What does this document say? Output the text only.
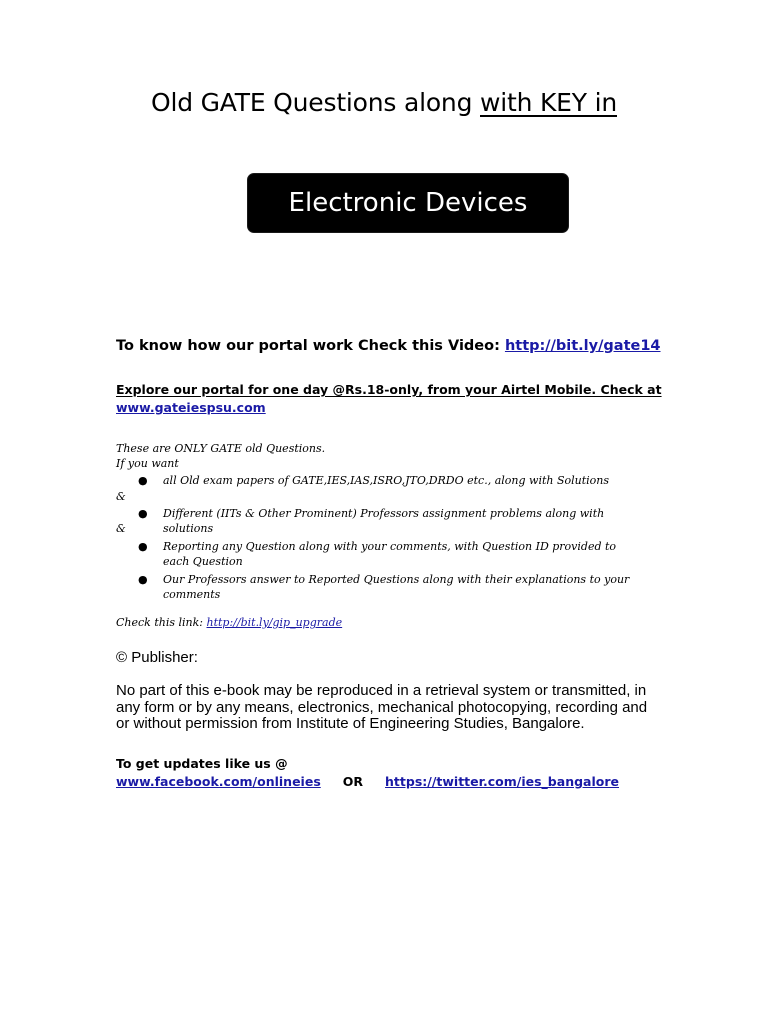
Old GATE Questions along with KEY in
Electronic Devices
To know how our portal work Check this Video: http://bit.ly/gate14
Explore our portal for one day @Rs.18-only, from your Airtel Mobile. Check at
www.gateiespsu.com
These are ONLY GATE old Questions.
If you want
● all Old exam papers of GATE,IES,IAS,ISRO,JTO,DRDO etc., along with Solutions
&
● Different (IITs & Other Prominent) Professors assignment problems along with solutions
&
● Reporting any Question along with your comments, with Question ID provided to each Question
● Our Professors answer to Reported Questions along with their explanations to your comments
Check this link: http://bit.ly/gip_upgrade
© Publisher:
No part of this e-book may be reproduced in a retrieval system or transmitted, in any form or by any means, electronics, mechanical photocopying, recording and or without permission from Institute of Engineering Studies, Bangalore.
To get updates like us @
www.facebook.com/onlineies OR https://twitter.com/ies_bangalore
